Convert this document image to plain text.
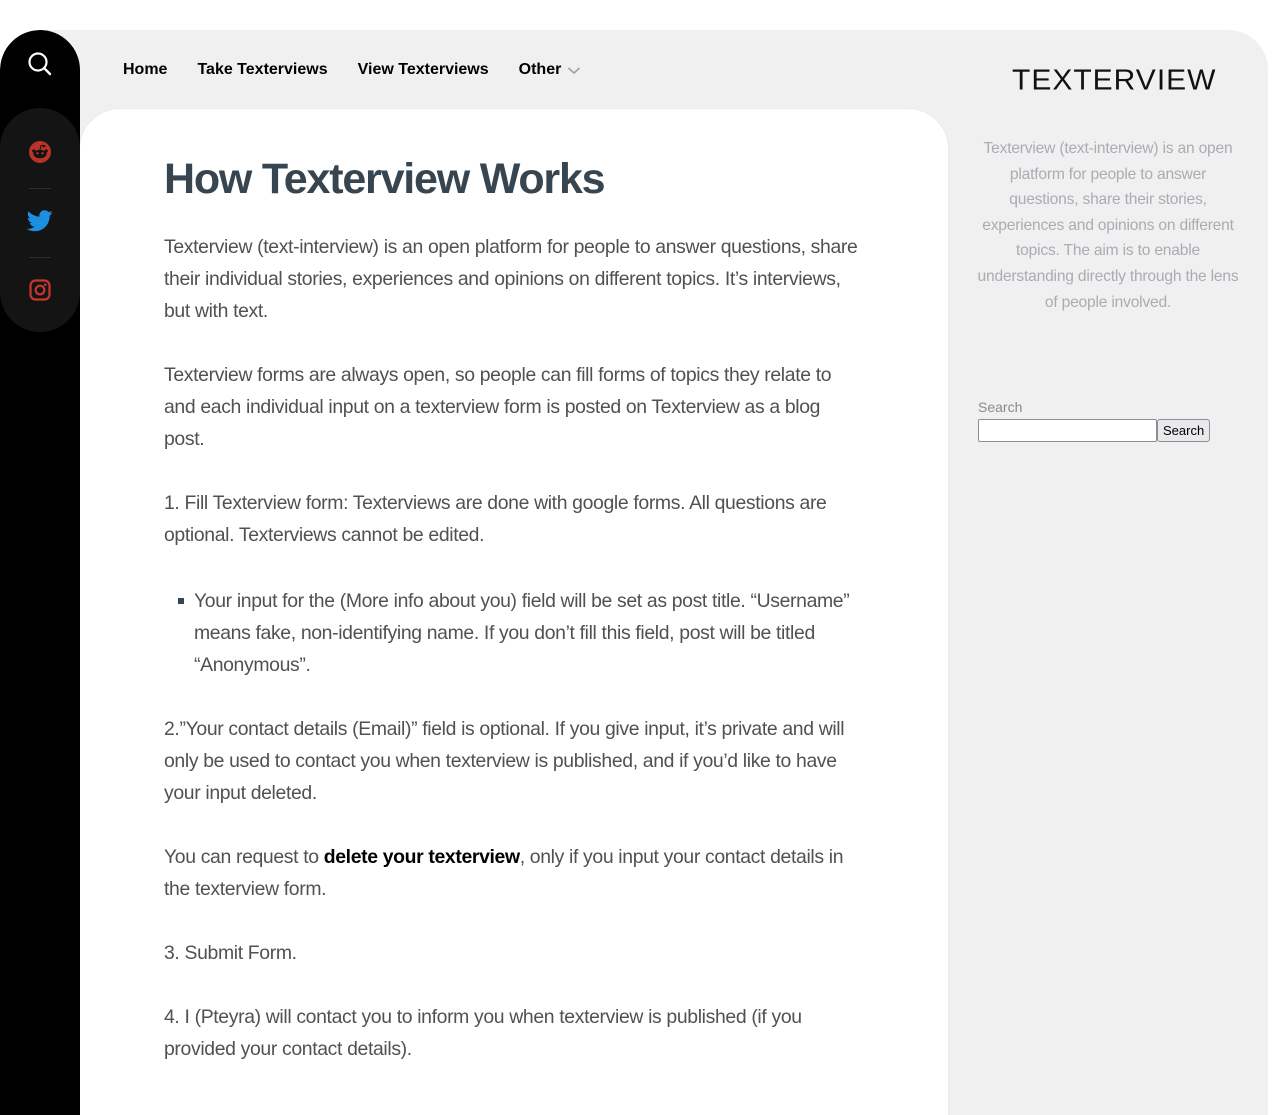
Home Take Texterviews View Texterviews Other
How Texterview Works

Texterview (text-interview) is an open platform for people to answer questions, share their individual stories, experiences and opinions on different topics. It’s interviews, but with text.

Texterview forms are always open, so people can fill forms of topics they relate to and each individual input on a texterview form is posted on Texterview as a blog post.

1. Fill Texterview form: Texterviews are done with google forms. All questions are optional. Texterviews cannot be edited.

Your input for the (More info about you) field will be set as post title. “Username” means fake, non-identifying name. If you don’t fill this field, post will be titled “Anonymous”.

2.”Your contact details (Email)” field is optional. If you give input, it’s private and will only be used to contact you when texterview is published, and if you’d like to have your input deleted.

You can request to delete your texterview, only if you input your contact details in the texterview form.

3. Submit Form.

4. I (Pteyra) will contact you to inform you when texterview is published (if you provided your contact details).

TEXTERVIEW

Texterview (text-interview) is an open platform for people to answer questions, share their stories, experiences and opinions on different topics. The aim is to enable understanding directly through the lens of people involved.

Search
Search
